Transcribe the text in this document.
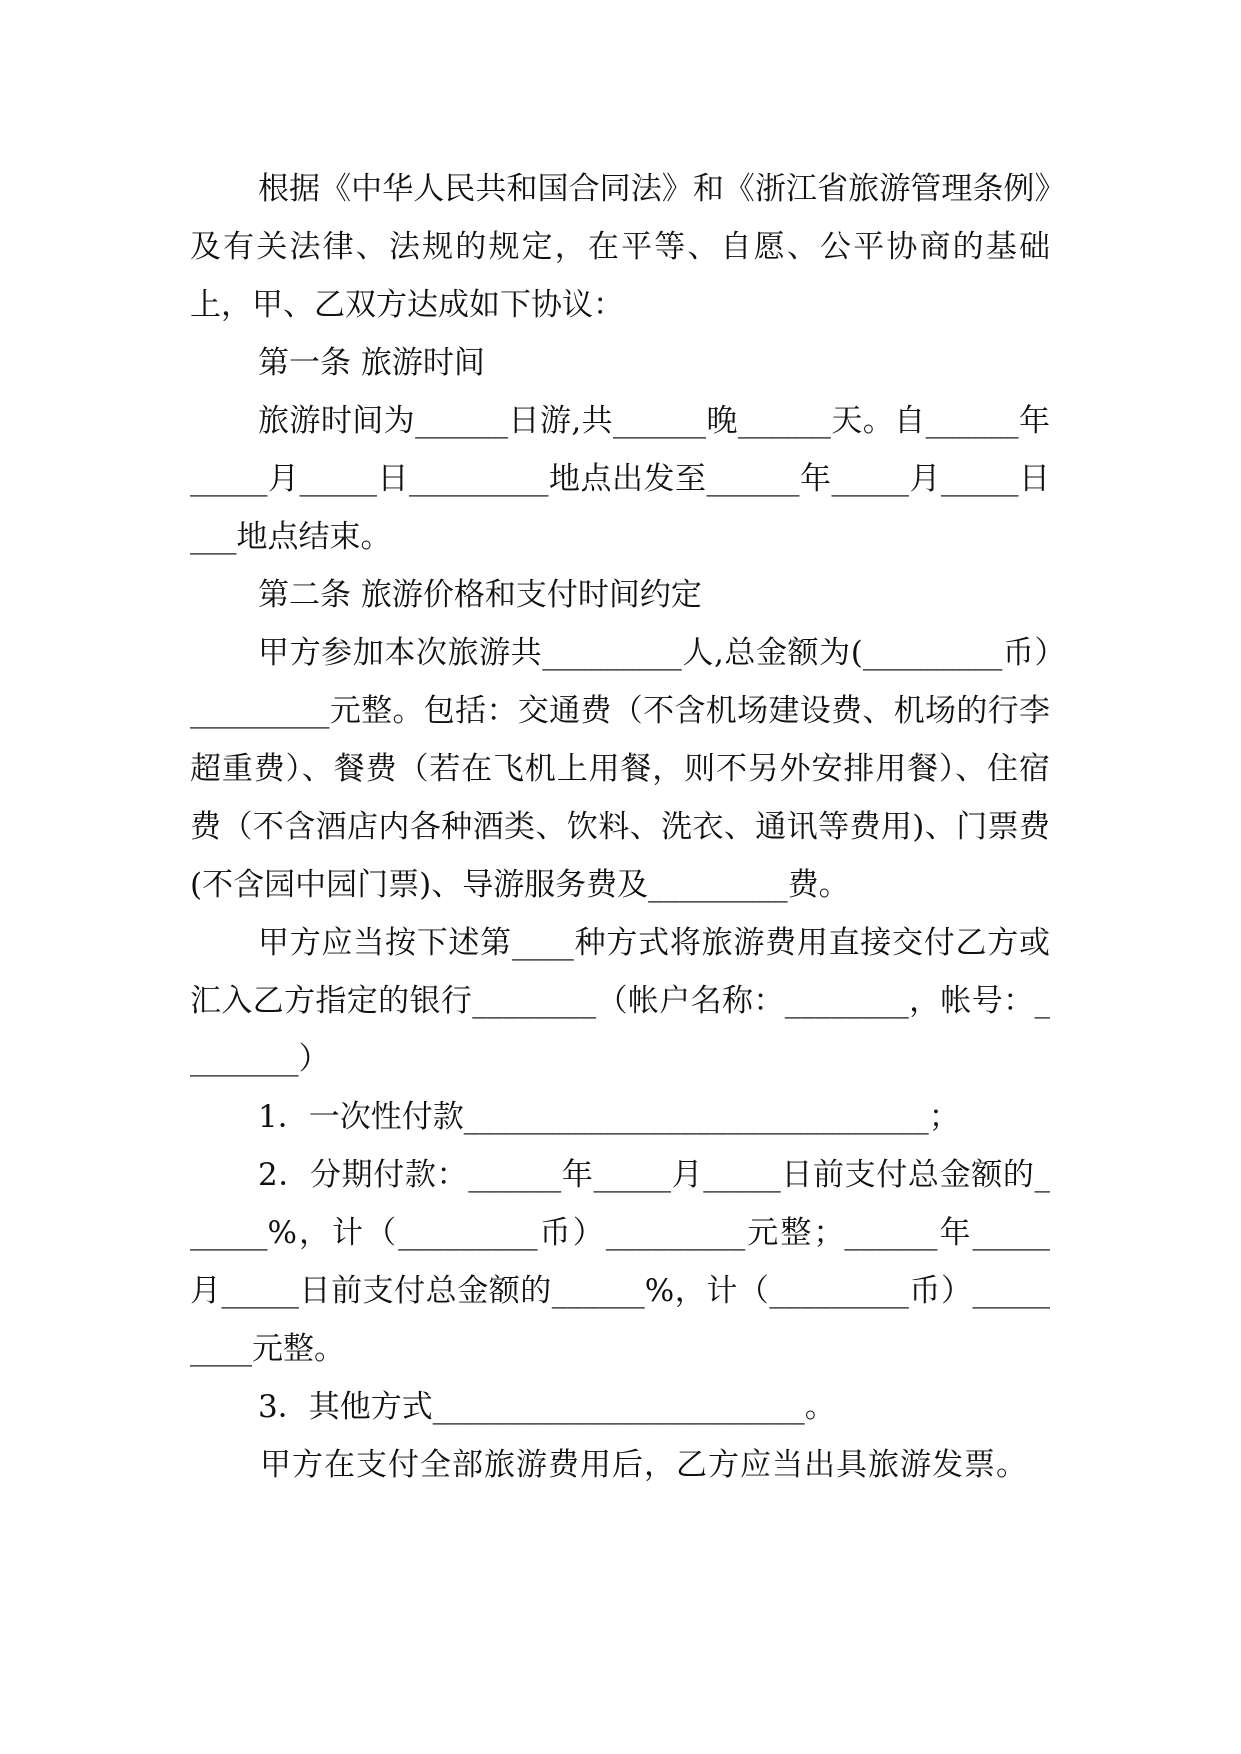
根据《中华人民共和国合同法》和《浙江省旅游管理条例》及有关法律、法规的规定，在平等、自愿、公平协商的基础上，甲、乙双方达成如下协议：

第一条 旅游时间

旅游时间为______日游,共______晚______天。自______年_____月_____日_________地点出发至______年_____月_____日___地点结束。

第二条 旅游价格和支付时间约定

甲方参加本次旅游共_________人,总金额为(_________币）_________元整。包括：交通费（不含机场建设费、机场的行李超重费）、餐费（若在飞机上用餐，则不另外安排用餐）、住宿费（不含酒店内各种酒类、饮料、洗衣、通讯等费用)、门票费(不含园中园门票)、导游服务费及_________费。

甲方应当按下述第____种方式将旅游费用直接交付乙方或汇入乙方指定的银行________（帐户名称：________，帐号：________）

1．一次性付款______________________________；

2．分期付款：______年_____月_____日前支付总金额的______%，计（_________币）_________元整；______年_____月_____日前支付总金额的______%，计（_________币）_________元整。

3．其他方式________________________。

甲方在支付全部旅游费用后，乙方应当出具旅游发票。
